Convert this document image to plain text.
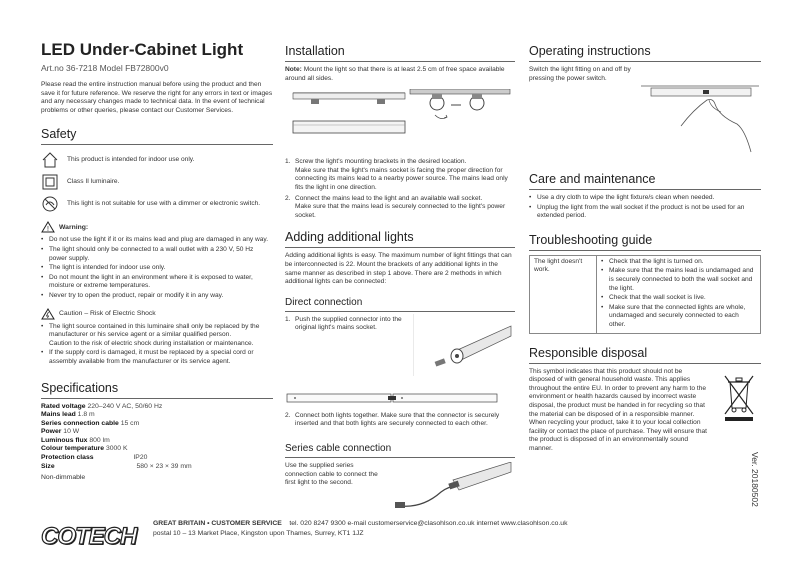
LED Under-Cabinet Light
Art.no 36-7218 Model FB72800v0

Please read the entire instruction manual before using the product and then save it for future reference. We reserve the right for any errors in text or images and any necessary changes made to technical data. In the event of technical problems or other queries, please contact our Customer Services.

Safety
This product is intended for indoor use only.
Class II luminaire.
This light is not suitable for use with a dimmer or electronic switch.
! Warning:
• Do not use the light if it or its mains lead and plug are damaged in any way.
• The light should only be connected to a wall outlet with a 230 V, 50 Hz power supply.
• The light is intended for indoor use only.
• Do not mount the light in an environment where it is exposed to water, moisture or extreme temperatures.
• Never try to open the product, repair or modify it in any way.
Caution – Risk of Electric Shock
• The light source contained in this luminaire shall only be replaced by the manufacturer or his service agent or a similar qualified person.
Caution to the risk of electric shock during installation or maintenance.
• If the supply cord is damaged, it must be replaced by a special cord or assembly available from the manufacturer or its service agent.
Specifications
Rated voltage 220–240 V AC, 50/60 Hz
Mains lead 1.8 m
Series connection cable 15 cm
Power 10 W
Luminous flux 800 lm
Colour temperature 3000 K
Protection class	IP20
Size	580 × 23 × 39 mm
Non-dimmable
Installation

Note: Mount the light so that there is at least 2.5 cm of free space available around all sides.

1. Screw the light's mounting brackets in the desired location.
Make sure that the light's mains socket is facing the proper direction for connecting its mains lead to a nearby power source. The mains lead only fits the light in one direction.
2. Connect the mains lead to the light and an available wall socket.
Make sure that the mains lead is securely connected to the light's power socket.
Adding additional lights

Adding additional lights is easy. The maximum number of light fittings that can be interconnected is 22. Mount the brackets of any additional lights in the same manner as described in step 1 above. There are 2 methods in which additional lights can be connected:

Direct connection
1. Push the supplied connector into the original light's mains socket.
2. Connect both lights together. Make sure that the connector is securely inserted and that both lights are securely connected to each other.
Series cable connection

Use the supplied series connection cable to connect the first light to the second.

Operating instructions

Switch the light fitting on and off by pressing the power switch.

Care and maintenance
• Use a dry cloth to wipe the light fixture/s clean when needed.
• Unplug the light from the wall socket if the product is not be used for an extended period.
Troubleshooting guide
The light doesn't work.	
• Check that the light is turned on.
• Make sure that the mains lead is undamaged and is securely connected to both the wall socket and the light.
• Check that the wall socket is live.
• Make sure that the connected lights are whole, undamaged and securely connected to each other.
Responsible disposal

This symbol indicates that this product should not be disposed of with general household waste. This applies throughout the entire EU. In order to prevent any harm to the environment or health hazards caused by incorrect waste disposal, the product must be handed in for recycling so that the material can be disposed of in a responsible manner. When recycling your product, take it to your local collection facility or contact the place of purchase. They will ensure that the product is disposed of in an environmentally sound manner.

COTECH GREAT BRITAIN • CUSTOMER SERVICE tel. 020 8247 9300 e-mail customerservice@clasohlson.co.uk internet www.clasohlson.co.uk
postal 10 – 13 Market Place, Kingston upon Thames, Surrey, KT1 1JZ
Ver. 20180502
